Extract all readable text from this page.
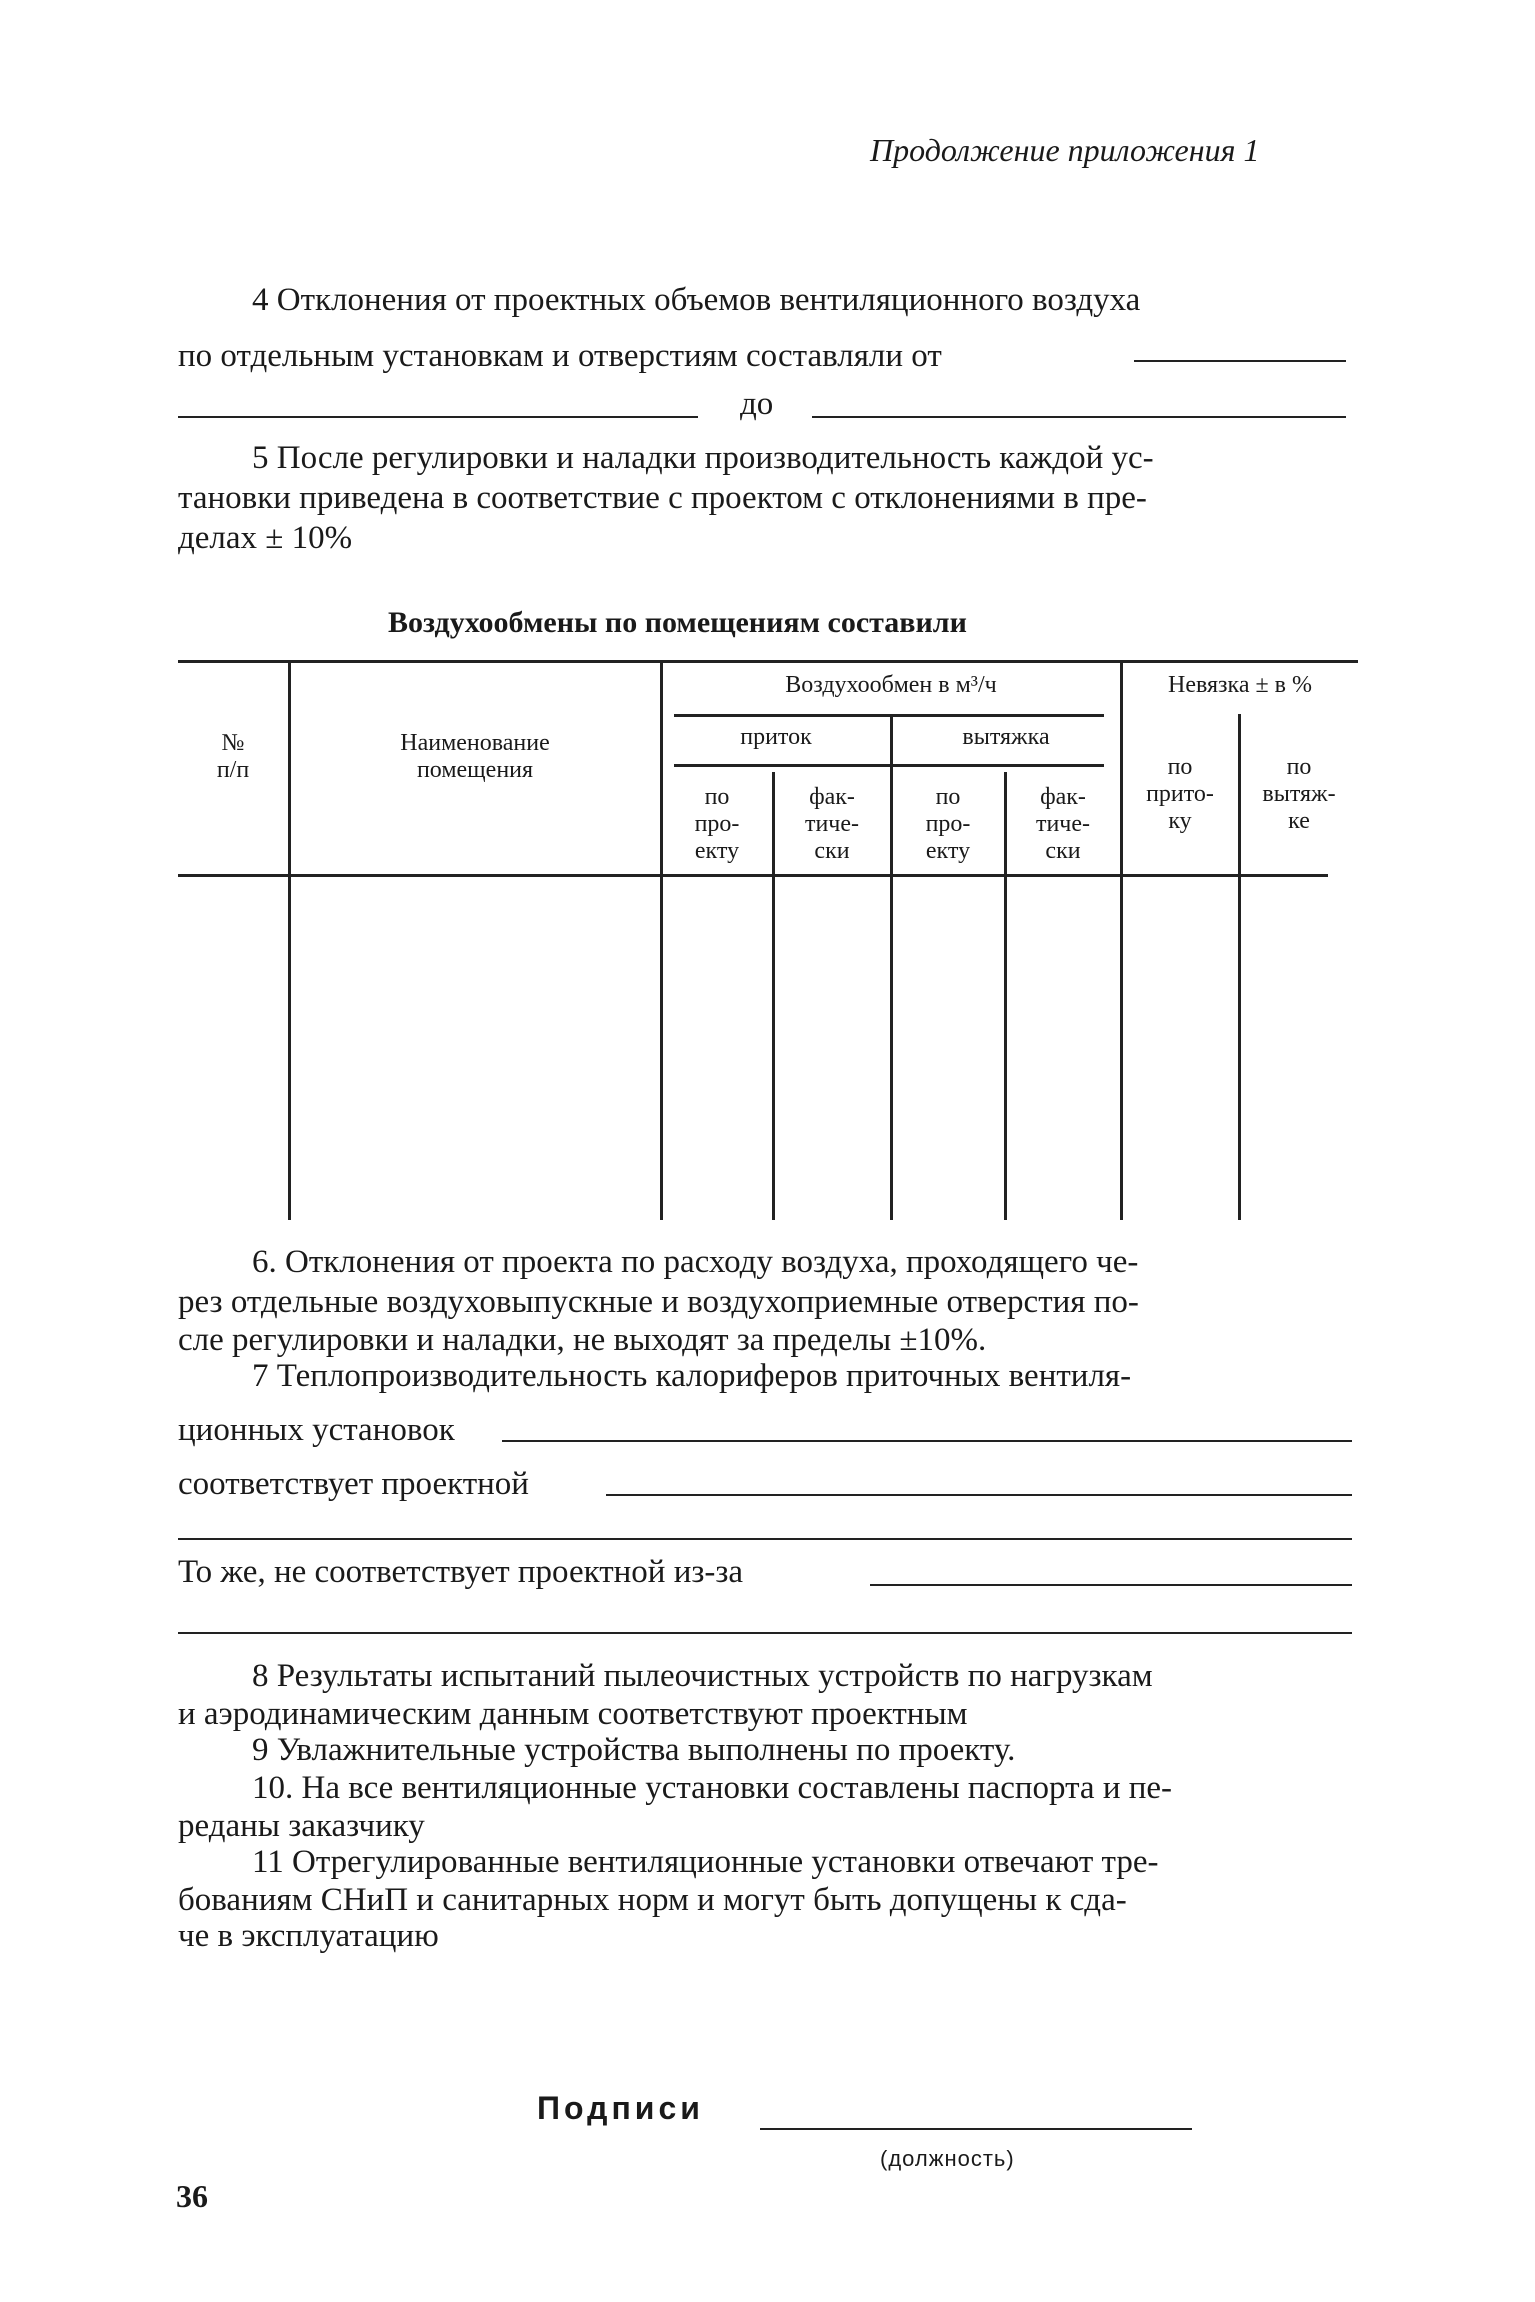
Продолжение приложения 1
4 Отклонения от проектных объемов вентиляционного воздуха
по отдельным установкам и отверстиям составляли от
до
5 После регулировки и наладки производительность каждой ус-
тановки приведена в соответствие с проектом с отклонениями в пре-
делах ± 10%
Воздухообмены по помещениям составили
№
п/п
Наименование
помещения
Воздухообмен в м³/ч
приток	вытяжка
по
про-
екту
фак-
тиче-
ски
по
про-
екту
фак-
тиче-
ски
Невязка ± в %
по
прито-
ку
по
вытяж-
ке
6. Отклонения от проекта по расходу воздуха, проходящего че-
рез отдельные воздуховыпускные и воздухоприемные отверстия по-
сле регулировки и наладки, не выходят за пределы ±10%.
7 Теплопроизводительность калориферов приточных вентиля-
ционных установок
соответствует проектной
То же, не соответствует проектной из-за
8 Результаты испытаний пылеочистных устройств по нагрузкам
и аэродинамическим данным соответствуют проектным
9 Увлажнительные устройства выполнены по проекту.
10. На все вентиляционные установки составлены паспорта и пе-
реданы заказчику
11 Отрегулированные вентиляционные установки отвечают тре-
бованиям СНиП и санитарных норм и могут быть допущены к сда-
че в эксплуатацию
Подписи
(должность)
36
